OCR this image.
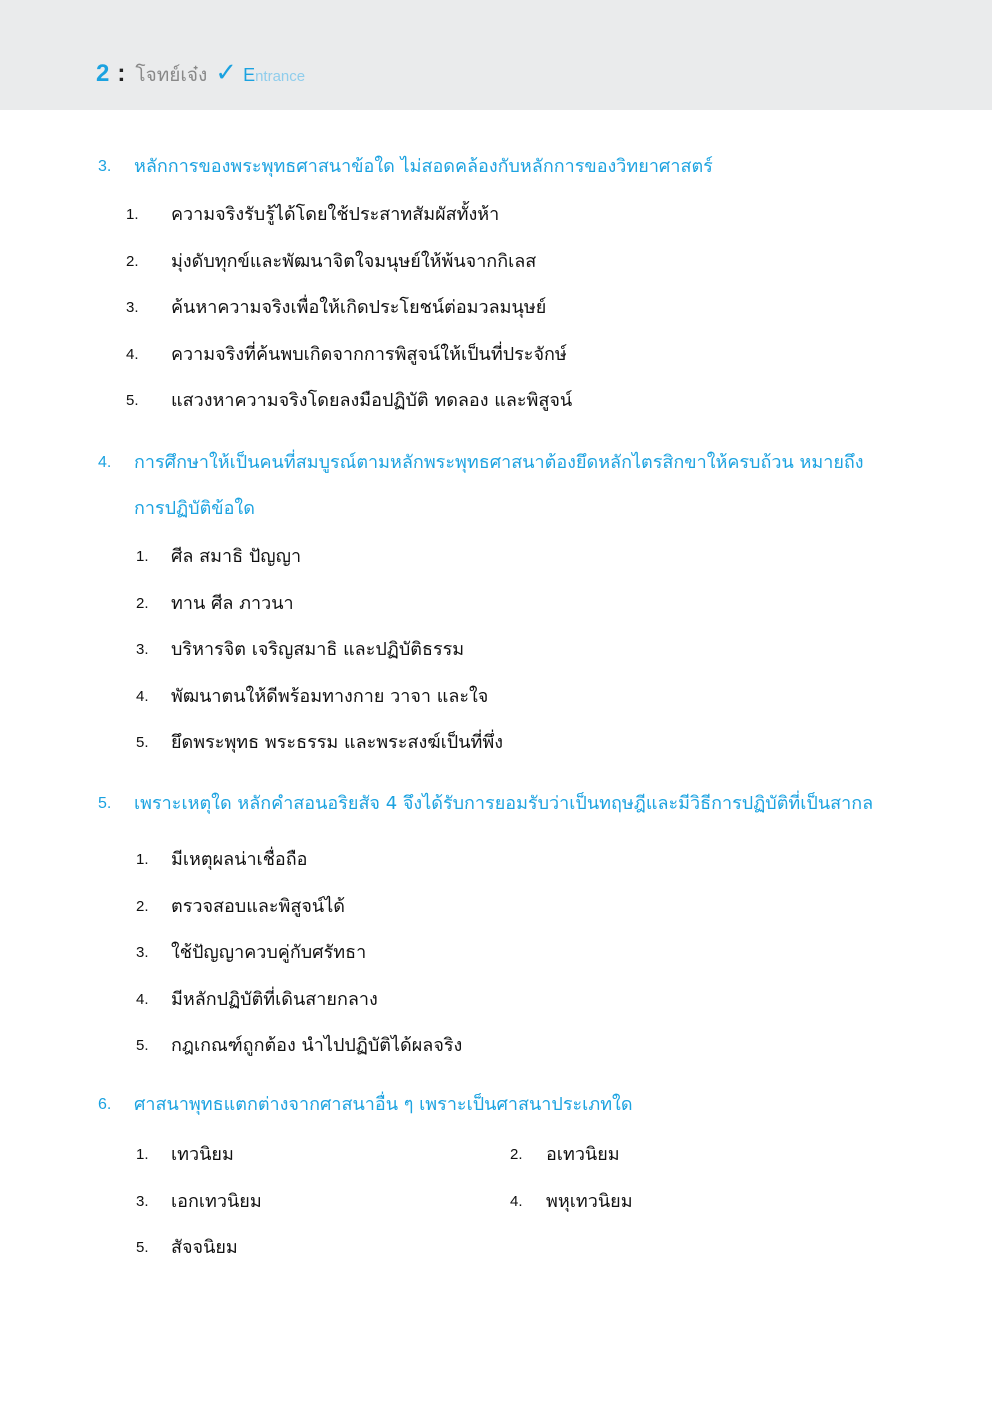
2 : โจทย์เจ๋ง ✓ E ntrance
3.	หลักการของพระพุทธศาสนาข้อใด ไม่สอดคล้องกับหลักการของวิทยาศาสตร์
1. ความจริงรับรู้ได้โดยใช้ประสาทสัมผัสทั้งห้า
2. มุ่งดับทุกข์และพัฒนาจิตใจมนุษย์ให้พ้นจากกิเลส
3. ค้นหาความจริงเพื่อให้เกิดประโยชน์ต่อมวลมนุษย์
4. ความจริงที่ค้นพบเกิดจากการพิสูจน์ให้เป็นที่ประจักษ์
5. แสวงหาความจริงโดยลงมือปฏิบัติ ทดลอง และพิสูจน์
4.	การศึกษาให้เป็นคนที่สมบูรณ์ตามหลักพระพุทธศาสนาต้องยึดหลักไตรสิกขาให้ครบถ้วน หมายถึง
การปฏิบัติข้อใด
1. ศีล สมาธิ ปัญญา
2. ทาน ศีล ภาวนา
3. บริหารจิต เจริญสมาธิ และปฏิบัติธรรม
4. พัฒนาตนให้ดีพร้อมทางกาย วาจา และใจ
5. ยึดพระพุทธ พระธรรม และพระสงฆ์เป็นที่พึ่ง
5.	เพราะเหตุใด หลักคำสอนอริยสัจ 4 จึงได้รับการยอมรับว่าเป็นทฤษฎีและมีวิธีการปฏิบัติที่เป็นสากล
1. มีเหตุผลน่าเชื่อถือ
2. ตรวจสอบและพิสูจน์ได้
3. ใช้ปัญญาควบคู่กับศรัทธา
4. มีหลักปฏิบัติที่เดินสายกลาง
5. กฎเกณฑ์ถูกต้อง นำไปปฏิบัติได้ผลจริง
6.	ศาสนาพุทธแตกต่างจากศาสนาอื่น ๆ เพราะเป็นศาสนาประเภทใด
1. เทวนิยม	2. อเทวนิยม
3. เอกเทวนิยม	4. พหุเทวนิยม
5. สัจจนิยม
